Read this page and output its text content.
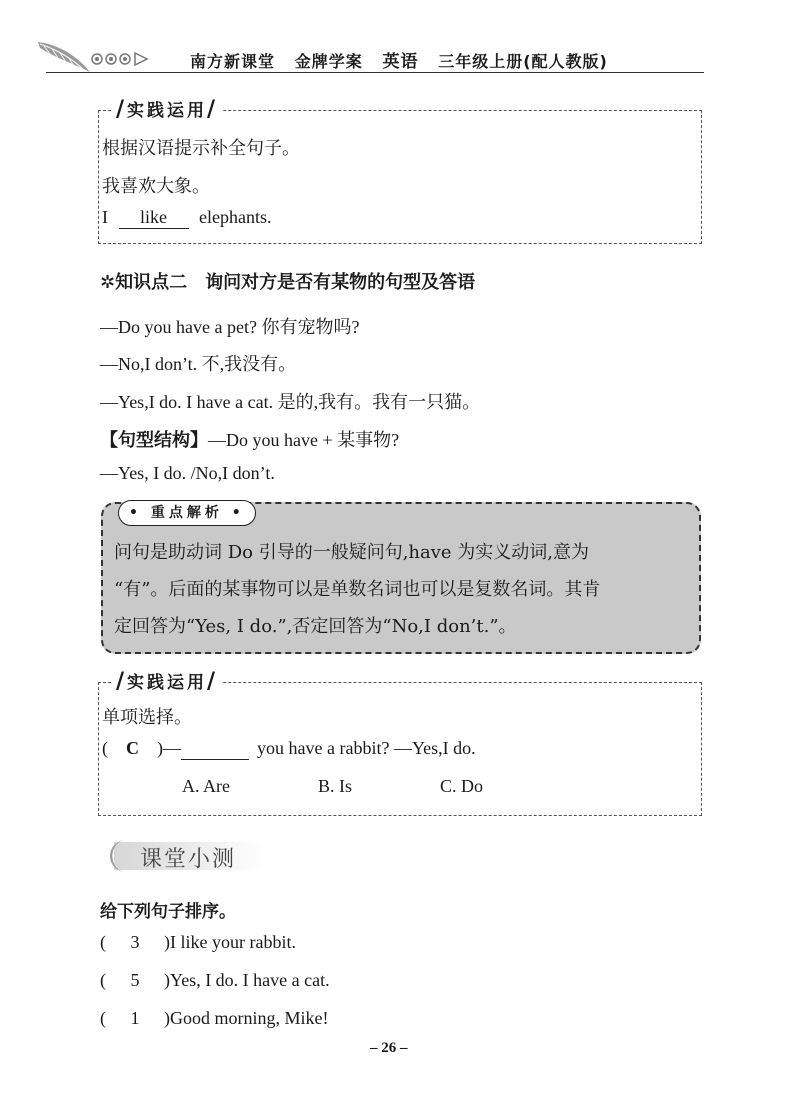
南方新课堂 金牌学案 英语 三年级上册(配人教版)
/实践运用/
根据汉语提示补全句子。
我喜欢大象。
I like elephants.
✲知识点二　询问对方是否有某物的句型及答语
—Do you have a pet? 你有宠物吗?
—No,I don’t. 不,我没有。
—Yes,I do. I have a cat. 是的,我有。我有一只猫。
【句型结构】—Do you have + 某事物?
—Yes, I do. /No,I don’t.
• 重点解析 •
问句是助动词 Do 引导的一般疑问句,have 为实义动词,意为
“有”。后面的某事物可以是单数名词也可以是复数名词。其肯
定回答为“Yes, I do.”,否定回答为“No,I don’t.”。
/实践运用/
单项选择。
( C )—	you have a rabbit? —Yes,I do.
A. Are	B. Is	C. Do
课堂小测
给下列句子排序。
( 3 )I like your rabbit.
( 5 )Yes, I do. I have a cat.
( 1 )Good morning, Mike!
– 26 –
